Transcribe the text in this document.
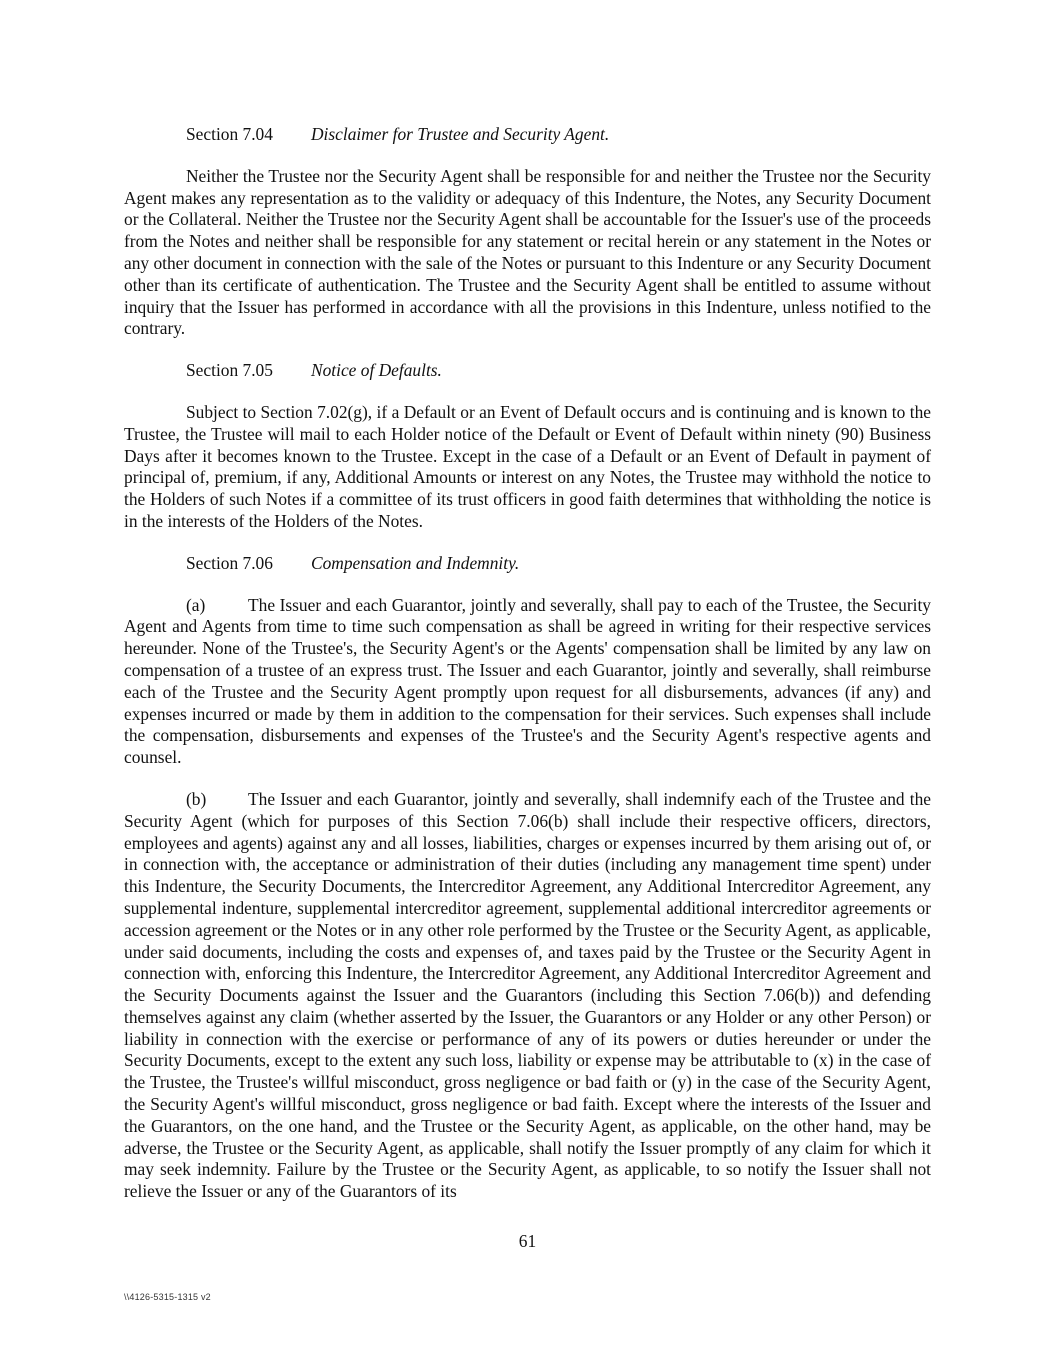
Section 7.04 Disclaimer for Trustee and Security Agent.

Neither the Trustee nor the Security Agent shall be responsible for and neither the Trustee nor the Security Agent makes any representation as to the validity or adequacy of this Indenture, the Notes, any Security Document or the Collateral. Neither the Trustee nor the Security Agent shall be accountable for the Issuer's use of the proceeds from the Notes and neither shall be responsible for any statement or recital herein or any statement in the Notes or any other document in connection with the sale of the Notes or pursuant to this Indenture or any Security Document other than its certificate of authentication. The Trustee and the Security Agent shall be entitled to assume without inquiry that the Issuer has performed in accordance with all the provisions in this Indenture, unless notified to the contrary.

Section 7.05 Notice of Defaults.

Subject to Section 7.02(g), if a Default or an Event of Default occurs and is continuing and is known to the Trustee, the Trustee will mail to each Holder notice of the Default or Event of Default within ninety (90) Business Days after it becomes known to the Trustee. Except in the case of a Default or an Event of Default in payment of principal of, premium, if any, Additional Amounts or interest on any Notes, the Trustee may withhold the notice to the Holders of such Notes if a committee of its trust officers in good faith determines that withholding the notice is in the interests of the Holders of the Notes.

Section 7.06 Compensation and Indemnity.

(a) The Issuer and each Guarantor, jointly and severally, shall pay to each of the Trustee, the Security Agent and Agents from time to time such compensation as shall be agreed in writing for their respective services hereunder. None of the Trustee's, the Security Agent's or the Agents' compensation shall be limited by any law on compensation of a trustee of an express trust. The Issuer and each Guarantor, jointly and severally, shall reimburse each of the Trustee and the Security Agent promptly upon request for all disbursements, advances (if any) and expenses incurred or made by them in addition to the compensation for their services. Such expenses shall include the compensation, disbursements and expenses of the Trustee's and the Security Agent's respective agents and counsel.

(b) The Issuer and each Guarantor, jointly and severally, shall indemnify each of the Trustee and the Security Agent (which for purposes of this Section 7.06(b) shall include their respective officers, directors, employees and agents) against any and all losses, liabilities, charges or expenses incurred by them arising out of, or in connection with, the acceptance or administration of their duties (including any management time spent) under this Indenture, the Security Documents, the Intercreditor Agreement, any Additional Intercreditor Agreement, any supplemental indenture, supplemental intercreditor agreement, supplemental additional intercreditor agreements or accession agreement or the Notes or in any other role performed by the Trustee or the Security Agent, as applicable, under said documents, including the costs and expenses of, and taxes paid by the Trustee or the Security Agent in connection with, enforcing this Indenture, the Intercreditor Agreement, any Additional Intercreditor Agreement and the Security Documents against the Issuer and the Guarantors (including this Section 7.06(b)) and defending themselves against any claim (whether asserted by the Issuer, the Guarantors or any Holder or any other Person) or liability in connection with the exercise or performance of any of its powers or duties hereunder or under the Security Documents, except to the extent any such loss, liability or expense may be attributable to (x) in the case of the Trustee, the Trustee's willful misconduct, gross negligence or bad faith or (y) in the case of the Security Agent, the Security Agent's willful misconduct, gross negligence or bad faith. Except where the interests of the Issuer and the Guarantors, on the one hand, and the Trustee or the Security Agent, as applicable, on the other hand, may be adverse, the Trustee or the Security Agent, as applicable, shall notify the Issuer promptly of any claim for which it may seek indemnity. Failure by the Trustee or the Security Agent, as applicable, to so notify the Issuer shall not relieve the Issuer or any of the Guarantors of its

61
\\4126-5315-1315 v2
